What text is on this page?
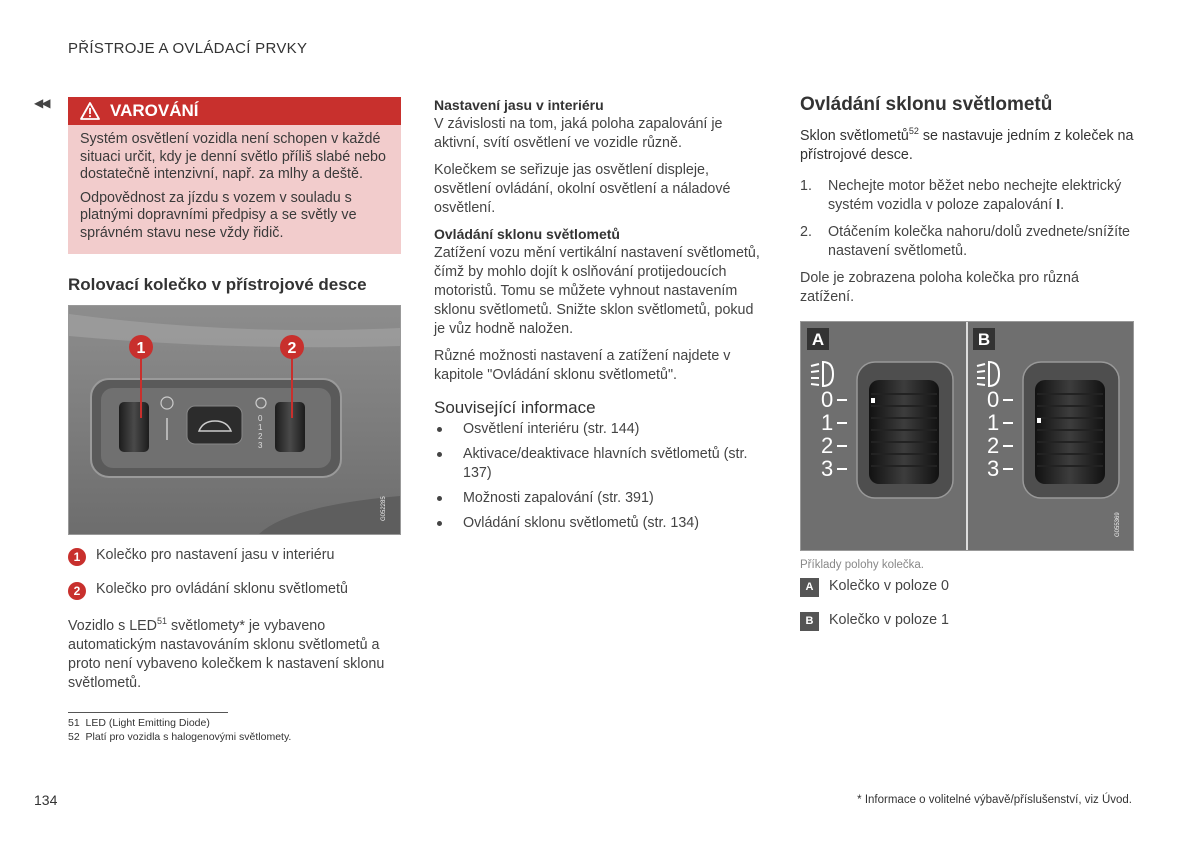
PŘÍSTROJE A OVLÁDACÍ PRVKY
◀◀	VAROVÁNÍ

Systém osvětlení vozidla není schopen v každé situaci určit, kdy je denní světlo příliš slabé nebo dostatečně intenzivní, např. za mlhy a deště.

Odpovědnost za jízdu s vozem v souladu s platnými dopravními předpisy a se světly ve správném stavu nese vždy řidič.

Rolovací kolečko v přístrojové desce
0
1
2
3
1	2
G052285
1	Kolečko pro nastavení jasu v interiéru
2	Kolečko pro ovládání sklonu světlometů

Vozidlo s LED$^{51}$ světlomety* je vybaveno automatickým nastavováním sklonu světlometů a proto není vybaveno kolečkem k nastavení sklonu světlometů.

Nastavení jasu v interiéru

V závislosti na tom, jaká poloha zapalování je aktivní, svítí osvětlení ve vozidle různě.

Kolečkem se seřizuje jas osvětlení displeje, osvětlení ovládání, okolní osvětlení a náladové osvětlení.

Ovládání sklonu světlometů

Zatížení vozu mění vertikální nastavení světlometů, čímž by mohlo dojít k oslňování protijedoucích motoristů. Tomu se můžete vyhnout nastavením sklonu světlometů. Snižte sklon světlometů, pokud je vůz hodně naložen.

Různé možnosti nastavení a zatížení najdete v kapitole "Ovládání sklonu světlometů".

Související informace
Osvětlení interiéru (str. 144)
Aktivace/deaktivace hlavních světlometů (str. 137)
Možnosti zapalování (str. 391)
Ovládání sklonu světlometů (str. 134)
Ovládání sklonu světlometů

Sklon světlometů$^{52}$ se nastavuje jedním z koleček na přístrojové desce.

1.	Nechejte motor běžet nebo nechejte elektrický systém vozidla v poloze zapalování I.
2.	Otáčením kolečka nahoru/dolů zvednete/snížíte nastavení světlometů.

Dole je zobrazena poloha kolečka pro různá zatížení.

A
0
1
2
3
B
0
1
2
3
G055369
Příklady polohy kolečka.
A	Kolečko v poloze 0
B	Kolečko v poloze 1
51 LED (Light Emitting Diode)
52 Platí pro vozidla s halogenovými světlomety.
134	* Informace o volitelné výbavě/příslušenství, viz Úvod.
